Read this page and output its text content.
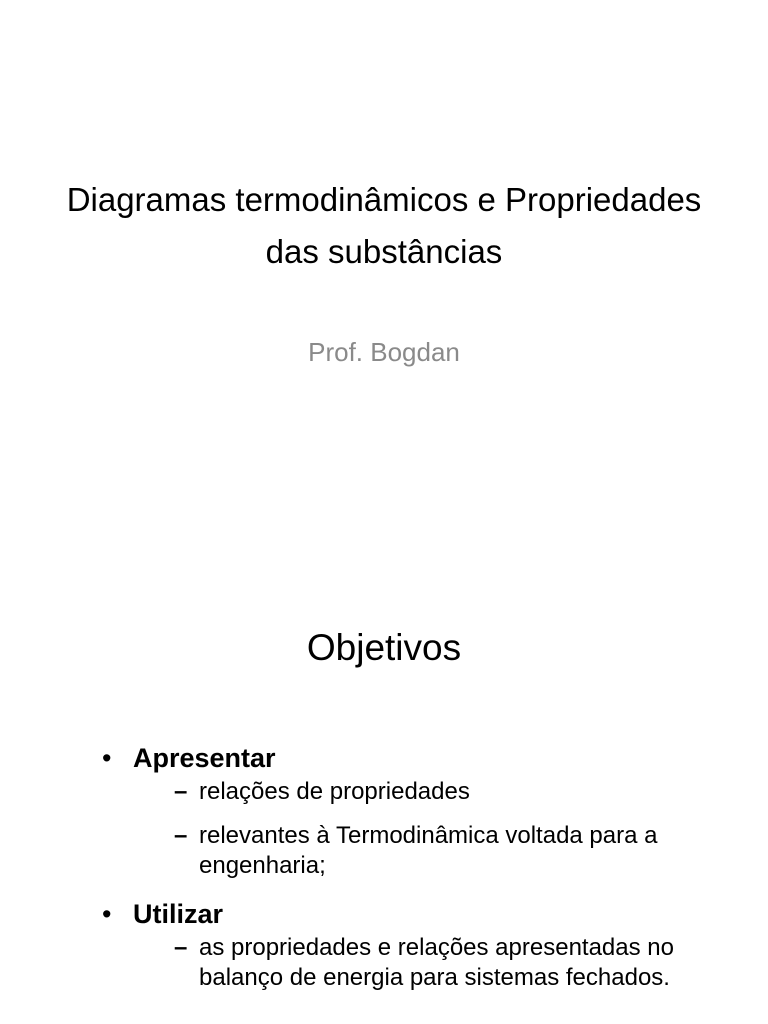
Diagramas termodinâmicos e Propriedades
das substâncias
Prof. Bogdan
Objetivos
• Apresentar
– relações de propriedades
– relevantes à Termodinâmica voltada para a engenharia;
• Utilizar
– as propriedades e relações apresentadas no balanço de energia para sistemas fechados.
